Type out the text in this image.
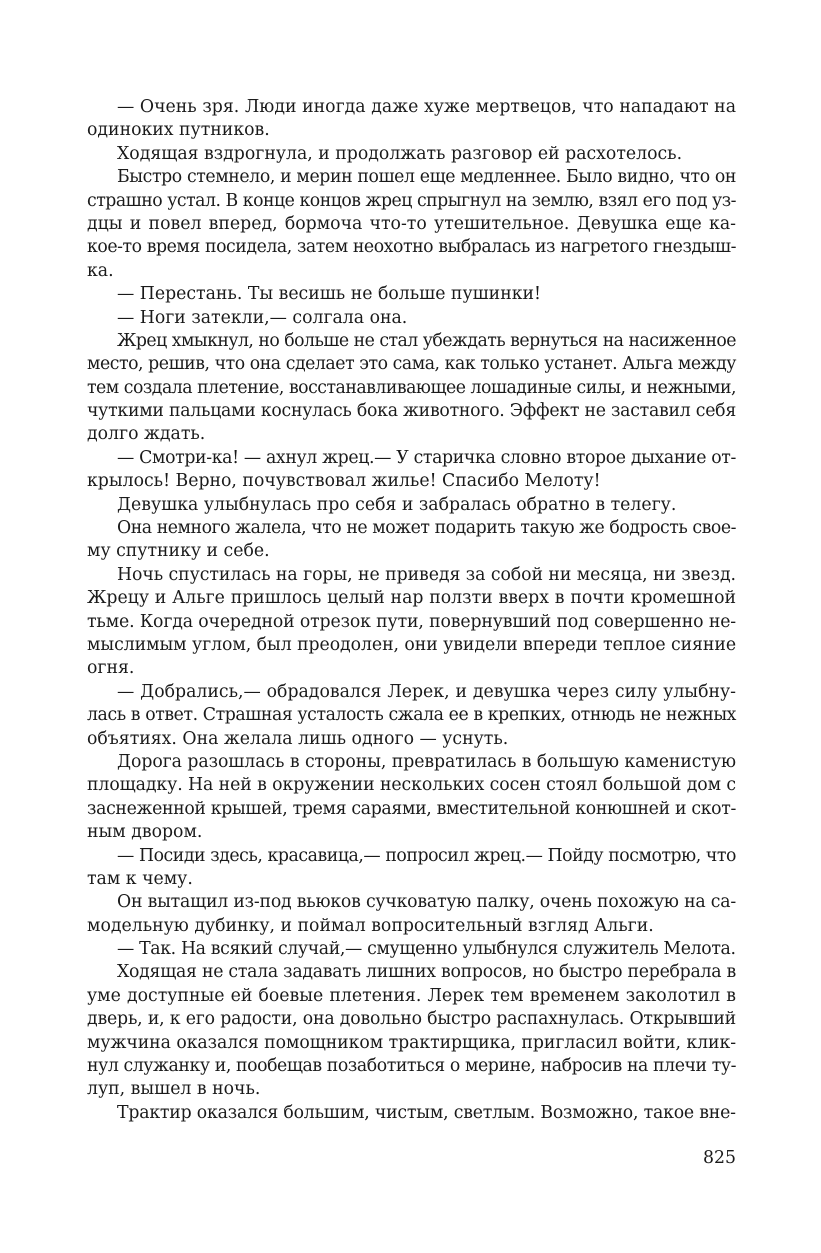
— Очень зря. Люди иногда даже хуже мертвецов, что нападают на
одиноких путников.
Ходящая вздрогнула, и продолжать разговор ей расхотелось.
Быстро стемнело, и мерин пошел еще медленнее. Было видно, что он
страшно устал. В конце концов жрец спрыгнул на землю, взял его под уз-
дцы и повел вперед, бормоча что-то утешительное. Девушка еще ка-
кое-то время посидела, затем неохотно выбралась из нагретого гнездыш-
ка.
— Перестань. Ты весишь не больше пушинки!
— Ноги затекли,— солгала она.
Жрец хмыкнул, но больше не стал убеждать вернуться на насиженное
место, решив, что она сделает это сама, как только устанет. Альга между
тем создала плетение, восстанавливающее лошадиные силы, и нежными,
чуткими пальцами коснулась бока животного. Эффект не заставил себя
долго ждать.
— Смотри-ка! — ахнул жрец.— У старичка словно второе дыхание от-
крылось! Верно, почувствовал жилье! Спасибо Мелоту!
Девушка улыбнулась про себя и забралась обратно в телегу.
Она немного жалела, что не может подарить такую же бодрость свое-
му спутнику и себе.
Ночь спустилась на горы, не приведя за собой ни месяца, ни звезд.
Жрецу и Альге пришлось целый нар ползти вверх в почти кромешной
тьме. Когда очередной отрезок пути, повернувший под совершенно не-
мыслимым углом, был преодолен, они увидели впереди теплое сияние
огня.
— Добрались,— обрадовался Лерек, и девушка через силу улыбну-
лась в ответ. Страшная усталость сжала ее в крепких, отнюдь не нежных
объятиях. Она желала лишь одного — уснуть.
Дорога разошлась в стороны, превратилась в большую каменистую
площадку. На ней в окружении нескольких сосен стоял большой дом с
заснеженной крышей, тремя сараями, вместительной конюшней и скот-
ным двором.
— Посиди здесь, красавица,— попросил жрец.— Пойду посмотрю, что
там к чему.
Он вытащил из-под вьюков сучковатую палку, очень похожую на са-
модельную дубинку, и поймал вопросительный взгляд Альги.
— Так. На всякий случай,— смущенно улыбнулся служитель Мелота.
Ходящая не стала задавать лишних вопросов, но быстро перебрала в
уме доступные ей боевые плетения. Лерек тем временем заколотил в
дверь, и, к его радости, она довольно быстро распахнулась. Открывший
мужчина оказался помощником трактирщика, пригласил войти, клик-
нул служанку и, пообещав позаботиться о мерине, набросив на плечи ту-
луп, вышел в ночь.
Трактир оказался большим, чистым, светлым. Возможно, такое вне-
825
